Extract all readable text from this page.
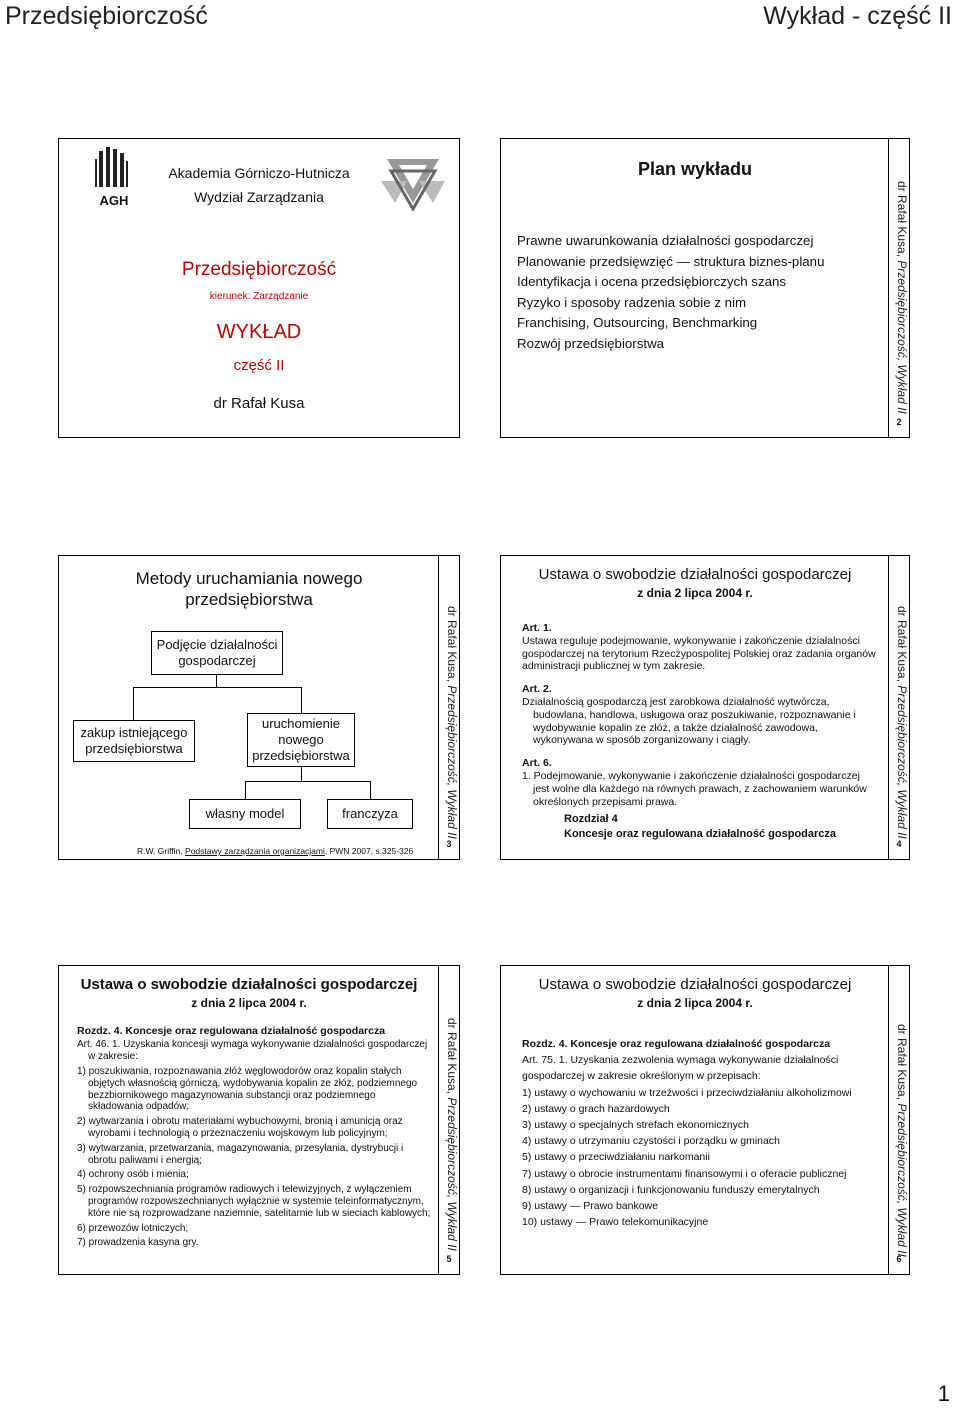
Przedsiębiorczość	Wykład - część II
AGH
Akademia Górniczo-Hutnicza
Wydział Zarządzania
Przedsiębiorczość
kierunek: Zarządzanie
WYKŁAD
część II
dr Rafał Kusa
Plan wykładu
Prawne uwarunkowania działalności gospodarczej
Planowanie przedsięwzięć — struktura biznes-planu
Identyfikacja i ocena przedsiębiorczych szans
Ryzyko i sposoby radzenia sobie z nim
Franchising, Outsourcing, Benchmarking
Rozwój przedsiębiorstwa
dr Rafał Kusa, Przedsiębiorczość, Wykład II
2
Metody uruchamiania nowego
przedsiębiorstwa
Podjęcie działalności
gospodarczej
zakup istniejącego
przedsiębiorstwa
uruchomienie
nowego
przedsiębiorstwa
własny model	franczyza
R.W. Griffin, Podstawy zarządzania organizacjami, PWN 2007, s.325-326
dr Rafał Kusa, Przedsiębiorczość, Wykład II
3
Ustawa o swobodzie działalności gospodarczej
z dnia 2 lipca 2004 r.
Art. 1.
Ustawa reguluje podejmowanie, wykonywanie i zakończenie działalności gospodarczej na terytorium Rzeczypospolitej Polskiej oraz zadania organów administracji publicznej w tym zakresie.
Art. 2.
Działalnością gospodarczą jest zarobkowa działalność wytwórcza, budowlana, handlowa, usługowa oraz poszukiwanie, rozpoznawanie i wydobywanie kopalin ze złóż, a także działalność zawodowa, wykonywana w sposób zorganizowany i ciągły.
Art. 6.
1. Podejmowanie, wykonywanie i zakończenie działalności gospodarczej jest wolne dla każdego na równych prawach, z zachowaniem warunków określonych przepisami prawa.
Rozdział 4
Koncesje oraz regulowana działalność gospodarcza
dr Rafał Kusa, Przedsiębiorczość, Wykład II
4
Ustawa o swobodzie działalności gospodarczej
z dnia 2 lipca 2004 r.
Rozdz. 4. Koncesje oraz regulowana działalność gospodarcza
Art. 46. 1. Uzyskania koncesji wymaga wykonywanie działalności gospodarczej w zakresie:
1) poszukiwania, rozpoznawania złóż węglowodorów oraz kopalin stałych objętych własnością górniczą, wydobywania kopalin ze złóż, podziemnego bezzbiornikowego magazynowania substancji oraz podziemnego składowania odpadów;
2) wytwarzania i obrotu materiałami wybuchowymi, bronią i amunicją oraz wyrobami i technologią o przeznaczeniu wojskowym lub policyjnym;
3) wytwarzania, przetwarzania, magazynowania, przesyłania, dystrybucji i obrotu paliwami i energią;
4) ochrony osób i mienia;
5) rozpowszechniania programów radiowych i telewizyjnych, z wyłączeniem programów rozpowszechnianych wyłącznie w systemie teleinformatycznym, które nie są rozprowadzane naziemnie, satelitarnie lub w sieciach kablowych;
6) przewozów lotniczych;
7) prowadzenia kasyna gry.
dr Rafał Kusa, Przedsiębiorczość, Wykład II
5
Ustawa o swobodzie działalności gospodarczej
z dnia 2 lipca 2004 r.
Rozdz. 4. Koncesje oraz regulowana działalność gospodarcza
Art. 75. 1. Uzyskania zezwolenia wymaga wykonywanie działalności gospodarczej w zakresie określonym w przepisach:
1) ustawy o wychowaniu w trzeźwości i przeciwdziałaniu alkoholizmowi
2) ustawy o grach hazardowych
3) ustawy o specjalnych strefach ekonomicznych
4) ustawy o utrzymaniu czystości i porządku w gminach
5) ustawy o przeciwdziałaniu narkomanii
7) ustawy o obrocie instrumentami finansowymi i o oferacie publicznej
8) ustawy o organizacji i funkcjonowaniu funduszy emerytalnych
9) ustawy — Prawo bankowe
10) ustawy — Prawo telekomunikacyjne
dr Rafał Kusa, Przedsiębiorczość, Wykład II
6
1
